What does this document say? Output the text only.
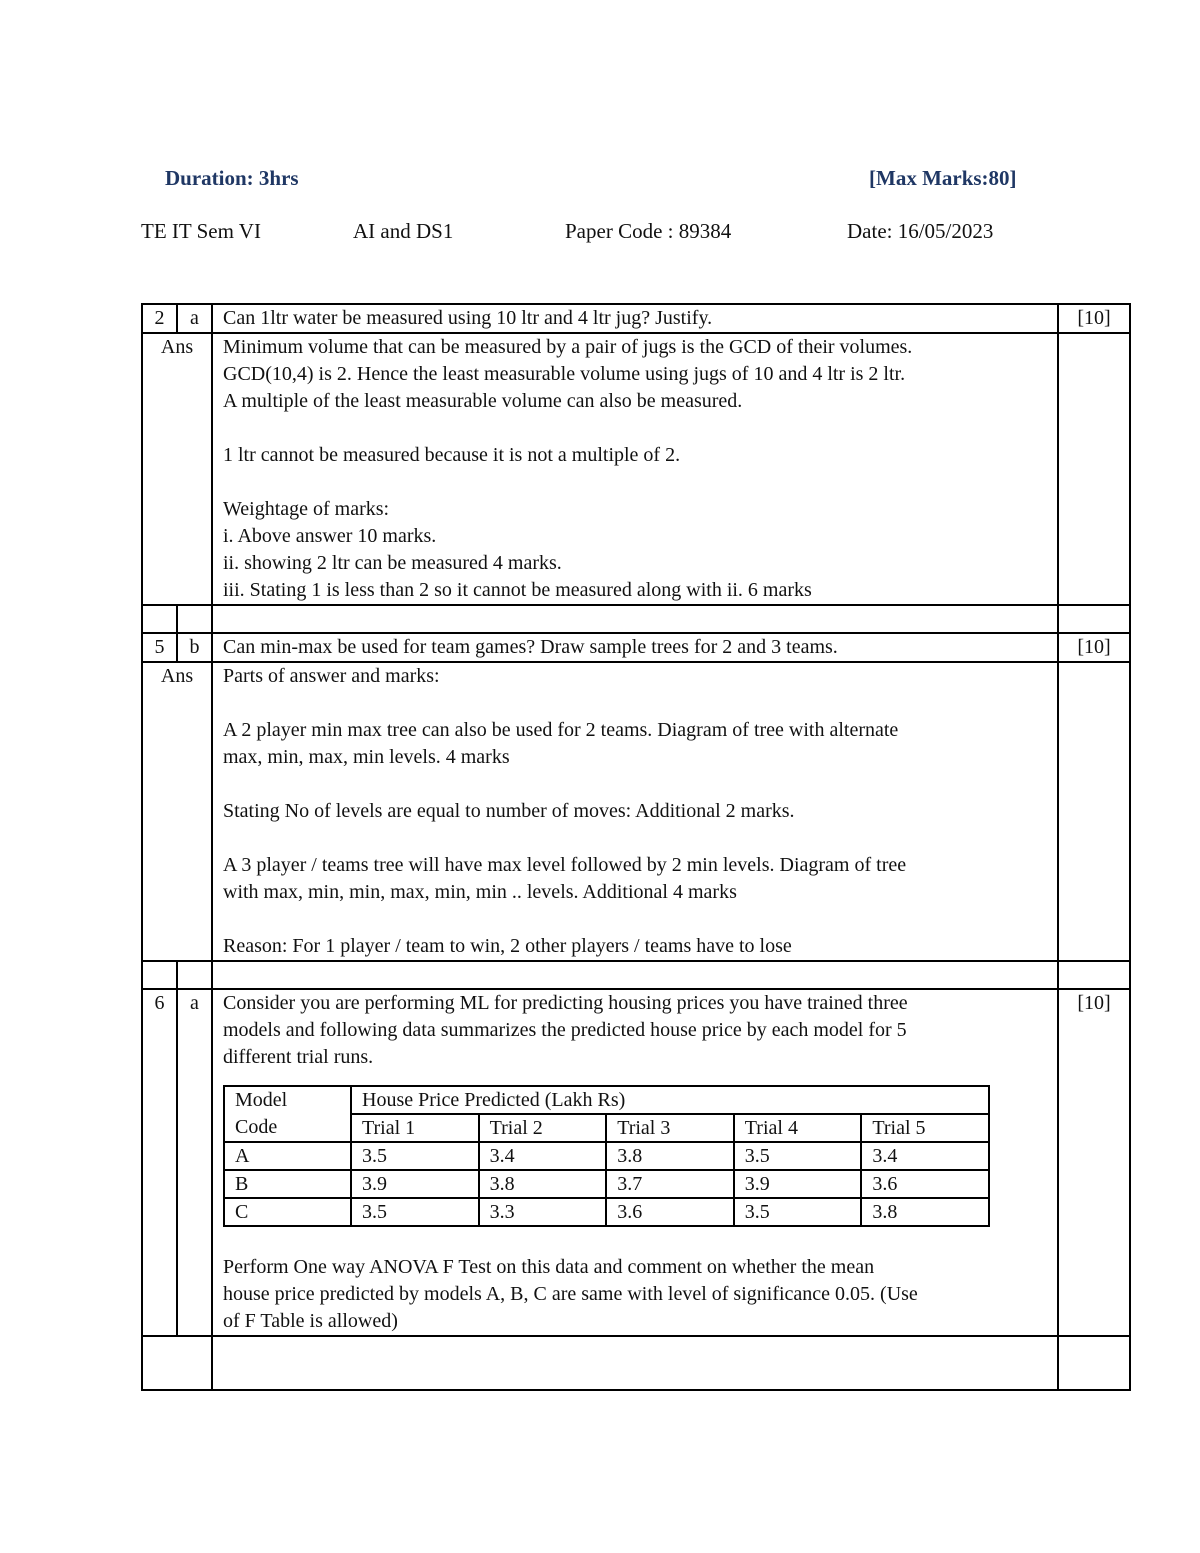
Duration: 3hrs	[Max Marks:80]
TE IT Sem VI	AI and DS1	Paper Code : 89384	Date: 16/05/2023
2	a	Can 1ltr water be measured using 10 ltr and 4 ltr jug? Justify.	[10]
Ans	Minimum volume that can be measured by a pair of jugs is the GCD of their volumes.
GCD(10,4) is 2. Hence the least measurable volume using jugs of 10 and 4 ltr is 2 ltr.
A multiple of the least measurable volume can also be measured.
1 ltr cannot be measured because it is not a multiple of 2.
Weightage of marks:
i. Above answer 10 marks.
ii. showing 2 ltr can be measured 4 marks.
iii. Stating 1 is less than 2 so it cannot be measured along with ii. 6 marks

5	b	Can min-max be used for team games? Draw sample trees for 2 and 3 teams.	[10]
Ans	Parts of answer and marks:
A 2 player min max tree can also be used for 2 teams. Diagram of tree with alternate
max, min, max, min levels. 4 marks
Stating No of levels are equal to number of moves: Additional 2 marks.
A 3 player / teams tree will have max level followed by 2 min levels. Diagram of tree
with max, min, min, max, min, min .. levels. Additional 4 marks
Reason: For 1 player / team to win, 2 other players / teams have to lose

6	a	Consider you are performing ML for predicting housing prices you have trained three
models and following data summarizes the predicted house price by each model for 5
different trial runs.
Model	House Price Predicted (Lakh Rs)
Code	Trial 1	Trial 2	Trial 3	Trial 4	Trial 5
A	3.5	3.4	3.8	3.5	3.4
B	3.9	3.8	3.7	3.9	3.6
C	3.5	3.3	3.6	3.5	3.8
Perform One way ANOVA F Test on this data and comment on whether the mean
house price predicted by models A, B, C are same with level of significance 0.05. (Use
of F Table is allowed)
	[10]
